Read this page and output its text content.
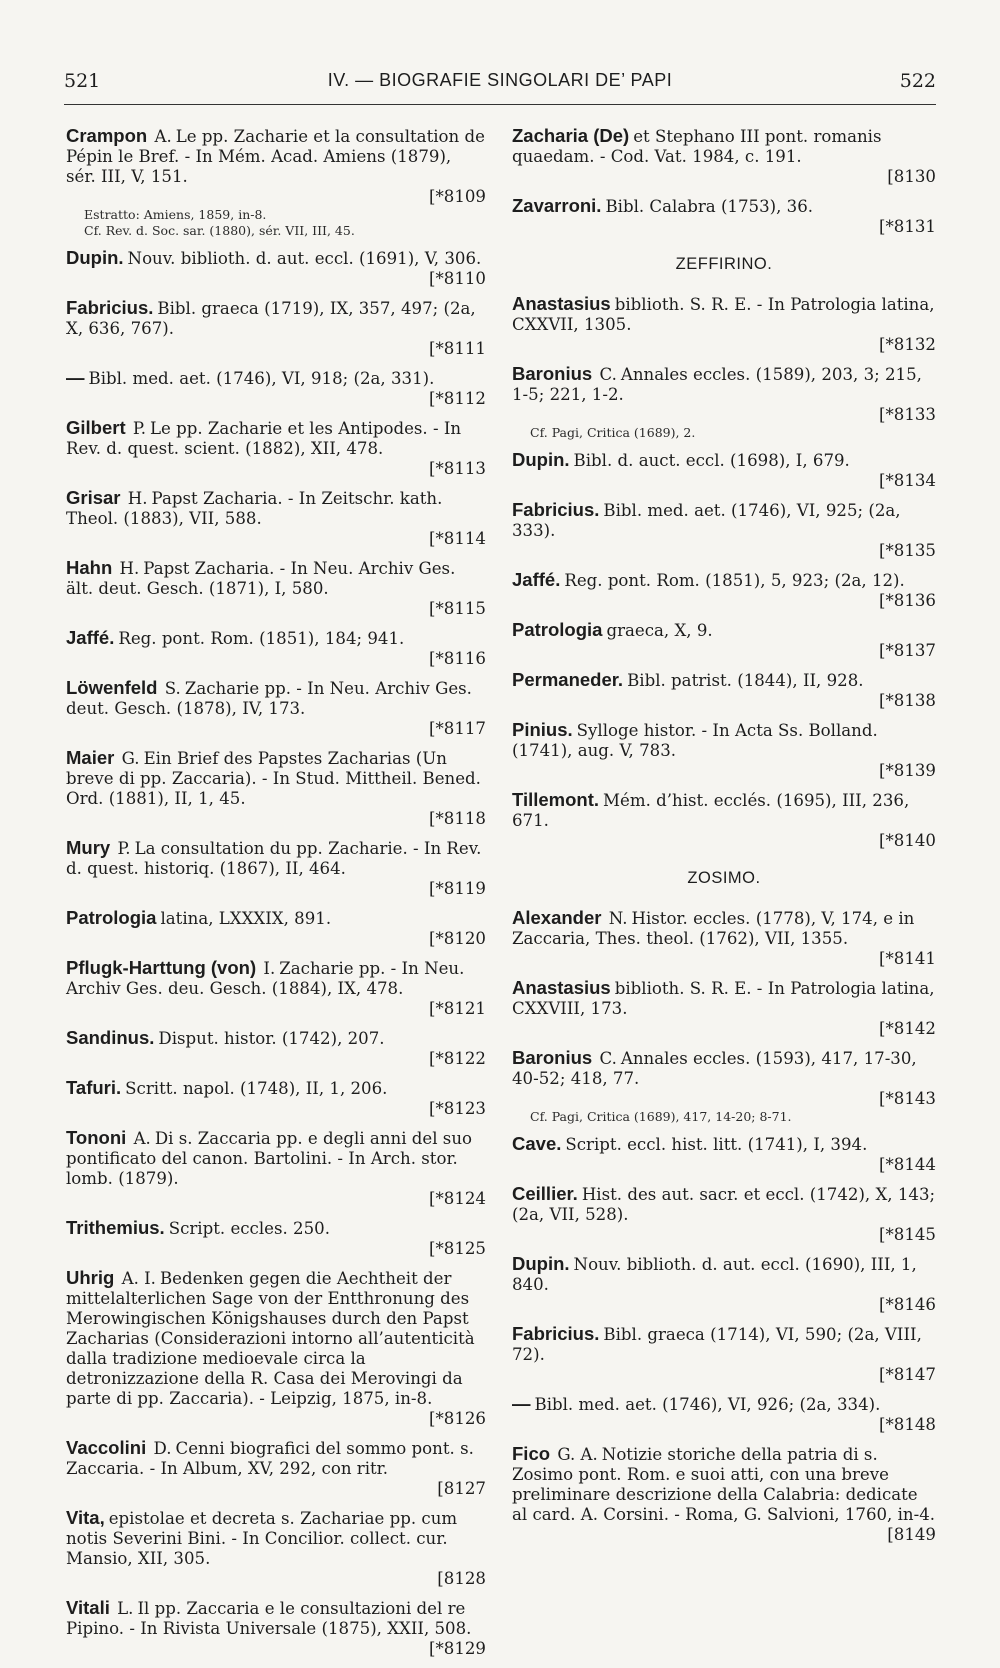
521	IV. — BIOGRAFIE SINGOLARI DE’ PAPI	522
Crampon A. Le pp. Zacharie et la consultation de Pépin le Bref. - In Mém. Acad. Amiens (1879), sér. III, V, 151.
[*8109
Estratto: Amiens, 1859, in-8.
Cf. Rev. d. Soc. sar. (1880), sér. VII, III, 45.
Dupin. Nouv. biblioth. d. aut. eccl. (1691), V, 306.
[*8110
Fabricius. Bibl. graeca (1719), IX, 357, 497; (2a, X, 636, 767).
[*8111
— Bibl. med. aet. (1746), VI, 918; (2a, 331).
[*8112
Gilbert P. Le pp. Zacharie et les Antipodes. - In Rev. d. quest. scient. (1882), XII, 478.
[*8113
Grisar H. Papst Zacharia. - In Zeitschr. kath. Theol. (1883), VII, 588.
[*8114
Hahn H. Papst Zacharia. - In Neu. Archiv Ges. ält. deut. Gesch. (1871), I, 580.
[*8115
Jaffé. Reg. pont. Rom. (1851), 184; 941.
[*8116
Löwenfeld S. Zacharie pp. - In Neu. Archiv Ges. deut. Gesch. (1878), IV, 173.
[*8117
Maier G. Ein Brief des Papstes Zacharias (Un breve di pp. Zaccaria). - In Stud. Mittheil. Bened. Ord. (1881), II, 1, 45.
[*8118
Mury P. La consultation du pp. Zacharie. - In Rev. d. quest. historiq. (1867), II, 464.
[*8119
Patrologia latina, LXXXIX, 891.
[*8120
Pflugk-Harttung (von) I. Zacharie pp. - In Neu. Archiv Ges. deu. Gesch. (1884), IX, 478.
[*8121
Sandinus. Disput. histor. (1742), 207.
[*8122
Tafuri. Scritt. napol. (1748), II, 1, 206.
[*8123
Tononi A. Di s. Zaccaria pp. e degli anni del suo pontificato del canon. Bartolini. - In Arch. stor. lomb. (1879).
[*8124
Trithemius. Script. eccles. 250.
[*8125
Uhrig A. I. Bedenken gegen die Aechtheit der mittelalterlichen Sage von der Entthronung des Merowingischen Königshauses durch den Papst Zacharias (Considerazioni intorno all’autenticità dalla tradizione medioevale circa la detronizzazione della R. Casa dei Merovingi da parte di pp. Zaccaria). - Leipzig, 1875, in-8.
[*8126
Vaccolini D. Cenni biografici del sommo pont. s. Zaccaria. - In Album, XV, 292, con ritr.
[8127
Vita, epistolae et decreta s. Zachariae pp. cum notis Severini Bini. - In Concilior. collect. cur. Mansio, XII, 305.
[8128
Vitali L. Il pp. Zaccaria e le consultazioni del re Pipino. - In Rivista Universale (1875), XXII, 508.
[*8129
Zacharia (De) et Stephano III pont. romanis quaedam. - Cod. Vat. 1984, c. 191.
[8130
Zavarroni. Bibl. Calabra (1753), 36.
[*8131
ZEFFIRINO.
Anastasius biblioth. S. R. E. - In Patrologia latina, CXXVII, 1305.
[*8132
Baronius C. Annales eccles. (1589), 203, 3; 215, 1-5; 221, 1-2.
[*8133
Cf. Pagi, Critica (1689), 2.
Dupin. Bibl. d. auct. eccl. (1698), I, 679.
[*8134
Fabricius. Bibl. med. aet. (1746), VI, 925; (2a, 333).
[*8135
Jaffé. Reg. pont. Rom. (1851), 5, 923; (2a, 12).
[*8136
Patrologia graeca, X, 9.
[*8137
Permaneder. Bibl. patrist. (1844), II, 928.
[*8138
Pinius. Sylloge histor. - In Acta Ss. Bolland. (1741), aug. V, 783.
[*8139
Tillemont. Mém. d’hist. ecclés. (1695), III, 236, 671.
[*8140
ZOSIMO.
Alexander N. Histor. eccles. (1778), V, 174, e in Zaccaria, Thes. theol. (1762), VII, 1355.
[*8141
Anastasius biblioth. S. R. E. - In Patrologia latina, CXXVIII, 173.
[*8142
Baronius C. Annales eccles. (1593), 417, 17-30, 40-52; 418, 77.
[*8143
Cf. Pagi, Critica (1689), 417, 14-20; 8-71.
Cave. Script. eccl. hist. litt. (1741), I, 394.
[*8144
Ceillier. Hist. des aut. sacr. et eccl. (1742), X, 143; (2a, VII, 528).
[*8145
Dupin. Nouv. biblioth. d. aut. eccl. (1690), III, 1, 840.
[*8146
Fabricius. Bibl. graeca (1714), VI, 590; (2a, VIII, 72).
[*8147
— Bibl. med. aet. (1746), VI, 926; (2a, 334).
[*8148
Fico G. A. Notizie storiche della patria di s. Zosimo pont. Rom. e suoi atti, con una breve preliminare descrizione della Calabria: dedicate al card. A. Corsini. - Roma, G. Salvioni, 1760, in-4.
[8149
